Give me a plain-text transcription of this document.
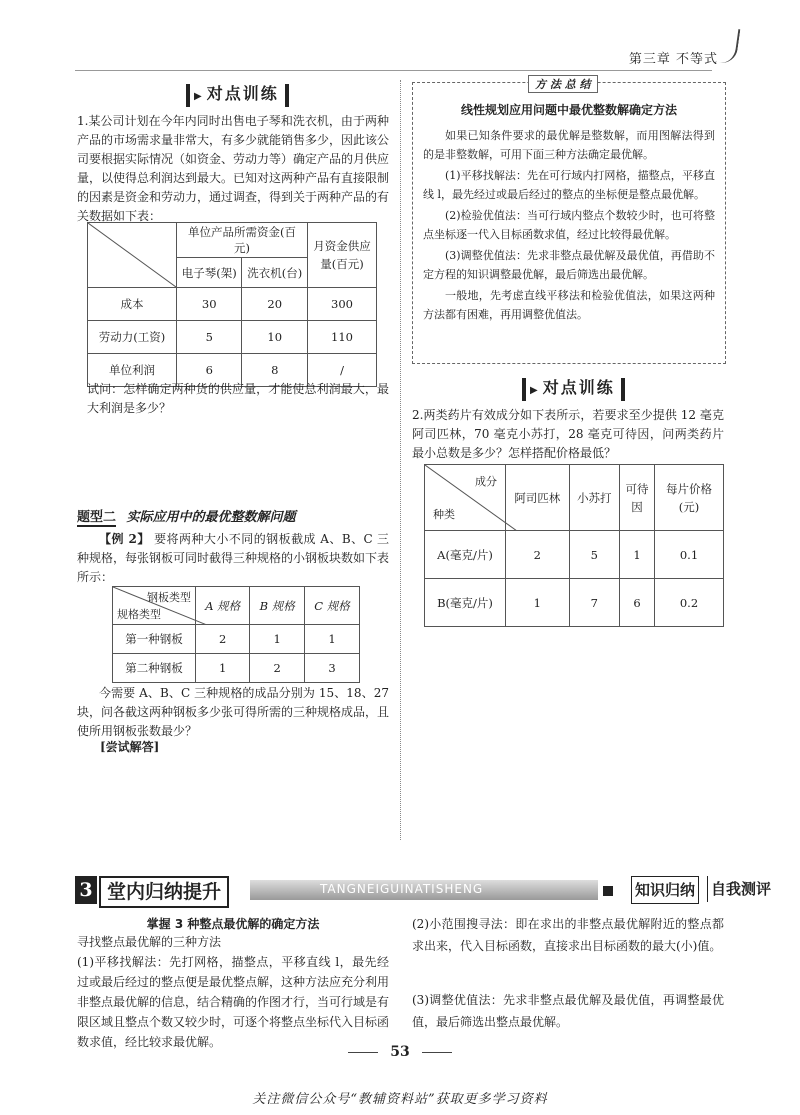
第三章 不等式
▶ 对点训练

1.某公司计划在今年内同时出售电子琴和洗衣机，由于两种产品的市场需求量非常大，有多少就能销售多少，因此该公司要根据实际情况（如资金、劳动力等）确定产品的月供应量，以使得总利润达到最大。已知对这两种产品有直接限制的因素是资金和劳动力，通过调查，得到关于两种产品的有关数据如下表：

	单位产品所需资金(百元)		月资金供应量(百元)
	电子琴(架)	洗衣机(台)	
成本	30	20	300
劳动力(工资)	5	10	110
单位利润	6	8	/

试问：怎样确定两种货的供应量，才能使总利润最大，最大利润是多少？

题型二 实际应用中的最优整数解问题

【例 2】 要将两种大小不同的钢板截成 A、B、C 三种规格，每张钢板可同时截得三种规格的小钢板块数如下表所示：

钢板类型
规格类型	A 规格	B 规格	C 规格
第一种钢板	2	1	1
第二种钢板	1	2	3

今需要 A、B、C 三种规格的成品分别为 15、18、27 块，问各截这两种钢板多少张可得所需的三种规格成品，且使所用钢板张数最少？

[尝试解答]
线性规划应用问题中最优整数解确定方法

如果已知条件要求的最优解是整数解，而用图解法得到的是非整数解，可用下面三种方法确定最优解。

(1)平移找解法：先在可行域内打网格，描整点，平移直线 l，最先经过或最后经过的整点的坐标便是整点最优解。

(2)检验优值法：当可行域内整点个数较少时，也可将整点坐标逐一代入目标函数求值，经过比较得最优解。

(3)调整优值法：先求非整点最优解及最优值，再借助不定方程的知识调整最优解，最后筛选出最优解。

一般地，先考虑直线平移法和检验优值法，如果这两种方法都有困难，再用调整优值法。

方 法 总 结
▶ 对点训练

2.两类药片有效成分如下表所示，若要求至少提供 12 毫克阿司匹林，70 毫克小苏打，28 毫克可待因，问两类药片最小总数是多少？怎样搭配价格最低？

成分
种类	阿司匹林	小苏打	可待因	每片价格(元)
A(毫克/片)	2	5	1	0.1
B(毫克/片)	1	7	6	0.2
3 堂内归纳提升	TANGNEIGUINATISHENG	知识归纳 自我测评
掌握 3 种整点最优解的确定方法

寻找整点最优解的三种方法

(1)平移找解法：先打网格，描整点，平移直线 l，最先经过或最后经过的整点便是最优整点解，这种方法应充分利用非整点最优解的信息，结合精确的作图才行，当可行域是有限区域且整点个数又较少时，可逐个将整点坐标代入目标函数求值，经比较求最优解。

(2)小范围搜寻法：即在求出的非整点最优解附近的整点都求出来，代入目标函数，直接求出目标函数的最大(小)值。

(3)调整优值法：先求非整点最优解及最优值，再调整最优值，最后筛选出整点最优解。

53
关注微信公众号“教辅资料站”获取更多学习资料
